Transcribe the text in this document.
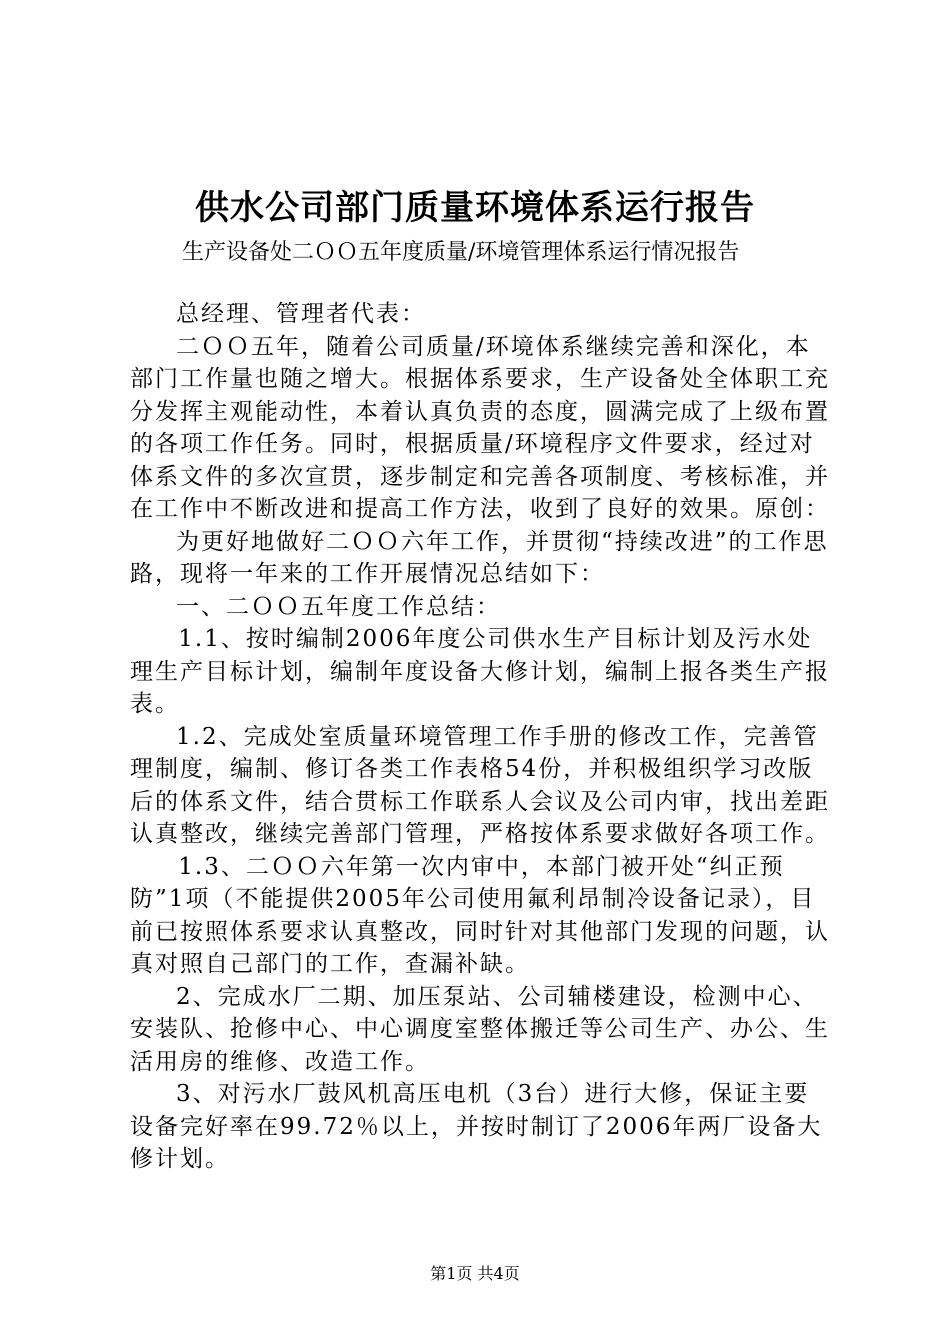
供水公司部门质量环境体系运行报告
生产设备处二ＯＯ五年度质量/环境管理体系运行情况报告

总经理、管理者代表：

二ＯＯ五年，随着公司质量/环境体系继续完善和深化，本部门工作量也随之增大。根据体系要求，生产设备处全体职工充分发挥主观能动性，本着认真负责的态度，圆满完成了上级布置的各项工作任务。同时，根据质量/环境程序文件要求，经过对体系文件的多次宣贯，逐步制定和完善各项制度、考核标准，并在工作中不断改进和提高工作方法，收到了良好的效果。原创：

为更好地做好二ＯＯ六年工作，并贯彻“持续改进”的工作思路，现将一年来的工作开展情况总结如下：

一、二ＯＯ五年度工作总结：

1.1、按时编制2006年度公司供水生产目标计划及污水处理生产目标计划，编制年度设备大修计划，编制上报各类生产报表。

1.2、完成处室质量环境管理工作手册的修改工作，完善管理制度，编制、修订各类工作表格54份，并积极组织学习改版后的体系文件，结合贯标工作联系人会议及公司内审，找出差距认真整改，继续完善部门管理，严格按体系要求做好各项工作。

1.3、二ＯＯ六年第一次内审中，本部门被开处“纠正预防”1项（不能提供2005年公司使用氟利昂制冷设备记录），目前已按照体系要求认真整改，同时针对其他部门发现的问题，认真对照自己部门的工作，查漏补缺。

2、完成水厂二期、加压泵站、公司辅楼建设，检测中心、安装队、抢修中心、中心调度室整体搬迁等公司生产、办公、生活用房的维修、改造工作。

3、对污水厂鼓风机高压电机（3台）进行大修，保证主要设备完好率在99.72％以上，并按时制订了2006年两厂设备大修计划。

第1页 共4页
